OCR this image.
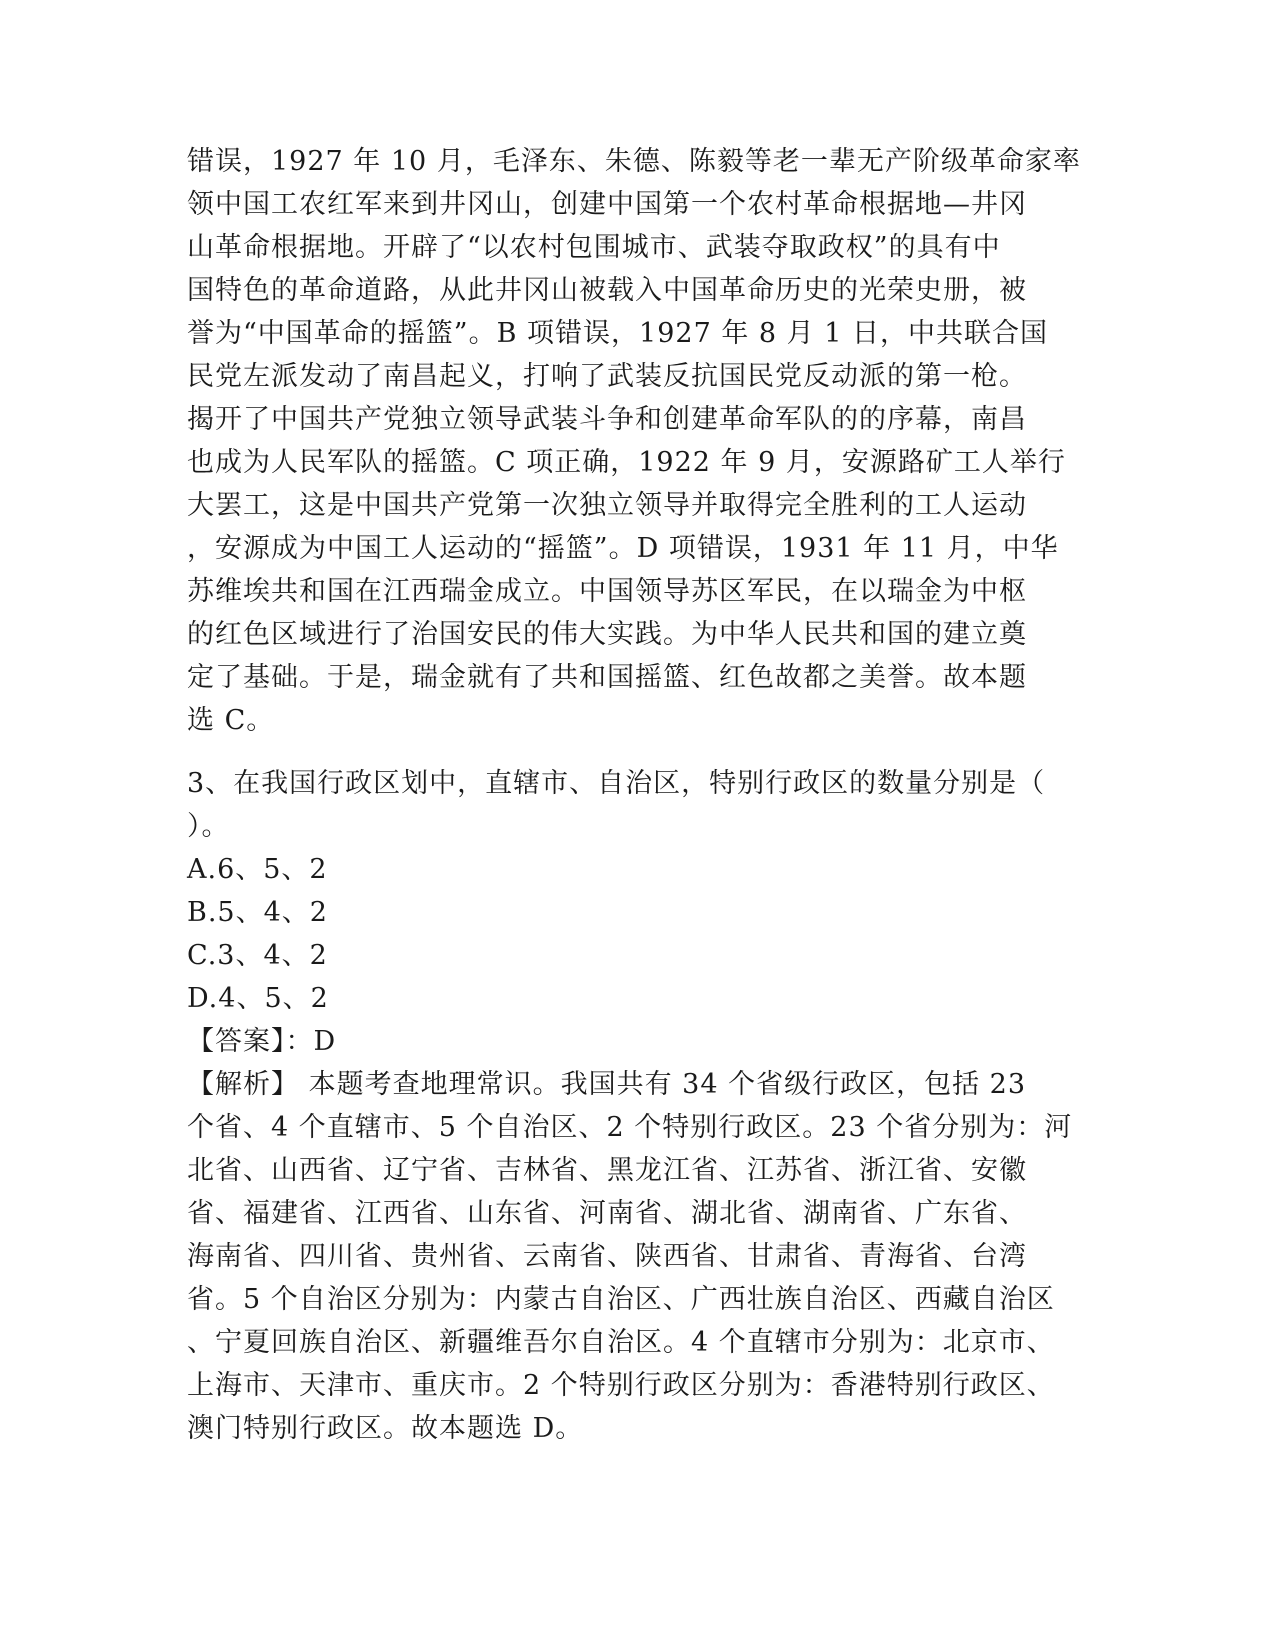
错误，1927 年 10 月，毛泽东、朱德、陈毅等老一辈无产阶级革命家率
领中国工农红军来到井冈山，创建中国第一个农村革命根据地—井冈
山革命根据地。开辟了“以农村包围城市、武装夺取政权”的具有中
国特色的革命道路，从此井冈山被载入中国革命历史的光荣史册，被
誉为“中国革命的摇篮”。B 项错误，1927 年 8 月 1 日，中共联合国
民党左派发动了南昌起义，打响了武装反抗国民党反动派的第一枪。
揭开了中国共产党独立领导武装斗争和创建革命军队的的序幕，南昌
也成为人民军队的摇篮。C 项正确，1922 年 9 月，安源路矿工人举行
大罢工，这是中国共产党第一次独立领导并取得完全胜利的工人运动
，安源成为中国工人运动的“摇篮”。D 项错误，1931 年 11 月，中华
苏维埃共和国在江西瑞金成立。中国领导苏区军民，在以瑞金为中枢
的红色区域进行了治国安民的伟大实践。为中华人民共和国的建立奠
定了基础。于是，瑞金就有了共和国摇篮、红色故都之美誉。故本题
选 C。
3、在我国行政区划中，直辖市、自治区，特别行政区的数量分别是（
）。
A.6、5、2
B.5、4、2
C.3、4、2
D.4、5、2
【答案】：D
【解析】 本题考查地理常识。我国共有 34 个省级行政区，包括 23
个省、4 个直辖市、5 个自治区、2 个特别行政区。23 个省分别为：河
北省、山西省、辽宁省、吉林省、黑龙江省、江苏省、浙江省、安徽
省、福建省、江西省、山东省、河南省、湖北省、湖南省、广东省、
海南省、四川省、贵州省、云南省、陕西省、甘肃省、青海省、台湾
省。5 个自治区分别为：内蒙古自治区、广西壮族自治区、西藏自治区
、宁夏回族自治区、新疆维吾尔自治区。4 个直辖市分别为：北京市、
上海市、天津市、重庆市。2 个特别行政区分别为：香港特别行政区、
澳门特别行政区。故本题选 D。
